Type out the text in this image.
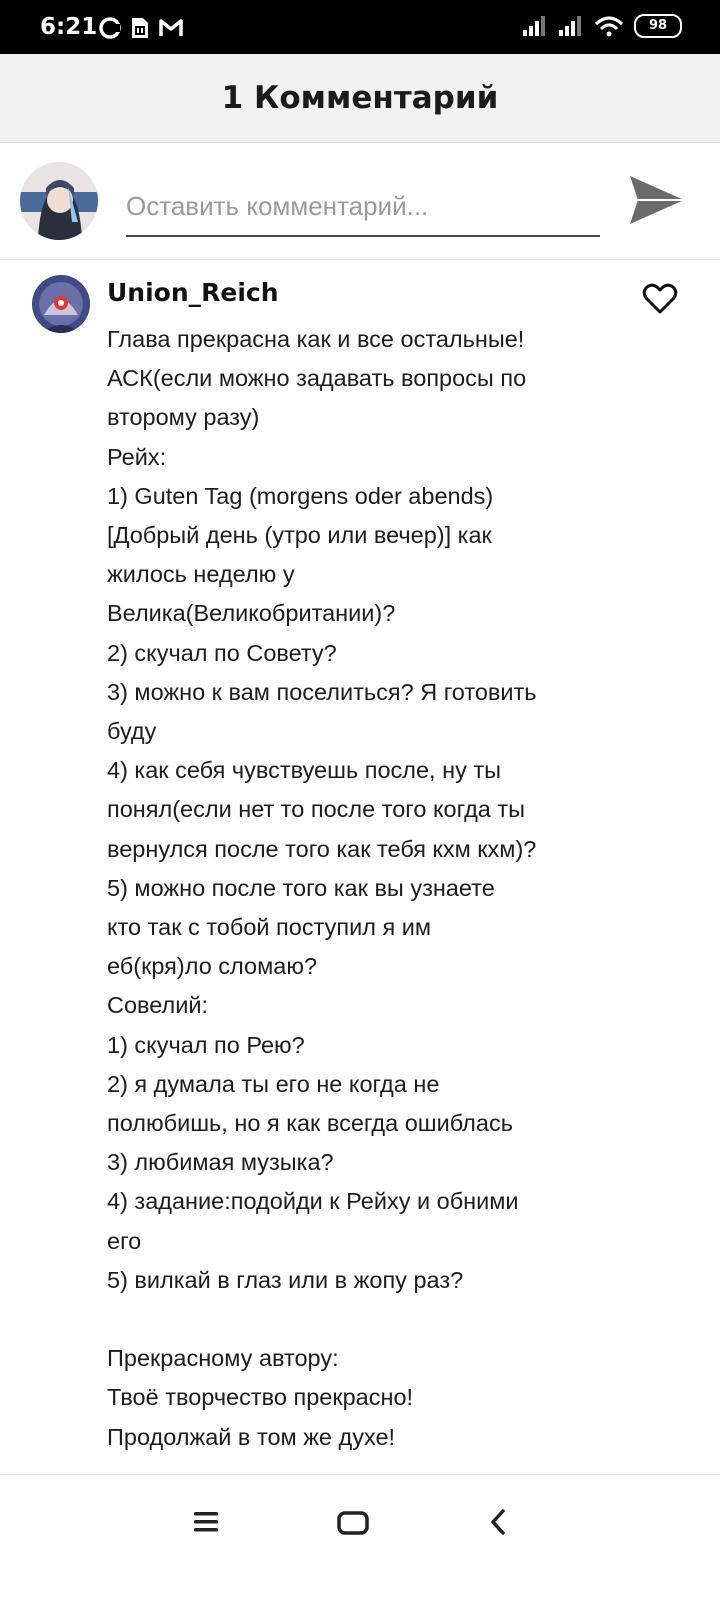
6:21	98
1 Комментарий
Оставить комментарий...
Union_Reich
Глава прекрасна как и все остальные!
АСК(если можно задавать вопросы по
второму разу)
Рейх:
1) Guten Tag (morgens oder abends)
[Добрый день (утро или вечер)] как
жилось неделю у
Велика(Великобритании)?
2) скучал по Совету?
3) можно к вам поселиться? Я готовить
буду
4) как себя чувствуешь после, ну ты
понял(если нет то после того когда ты
вернулся после того как тебя кхм кхм)?
5) можно после того как вы узнаете
кто так с тобой поступил я им
еб(кря)ло сломаю?
Совелий:
1) скучал по Рею?
2) я думала ты его не когда не
полюбишь, но я как всегда ошиблась
3) любимая музыка?
4) задание:подойди к Рейху и обними
его
5) вилкай в глаз или в жопу раз?
Прекрасному автору:
Твоё творчество прекрасно!
Продолжай в том же духе!
